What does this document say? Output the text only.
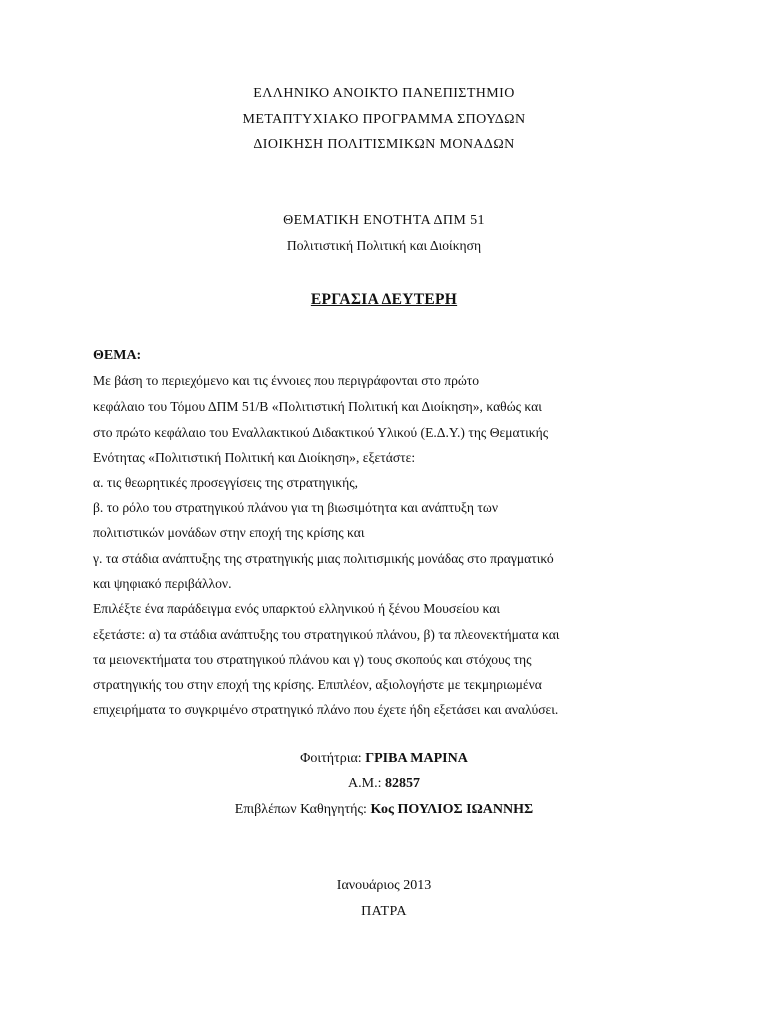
ΕΛΛΗΝΙΚΟ ΑΝΟΙΚΤΟ ΠΑΝΕΠΙΣΤΗΜΙΟ
ΜΕΤΑΠΤΥΧΙΑΚΟ ΠΡΟΓΡΑΜΜΑ ΣΠΟΥΔΩΝ
ΔΙΟΙΚΗΣΗ ΠΟΛΙΤΙΣΜΙΚΩΝ ΜΟΝΑΔΩΝ
ΘΕΜΑΤΙΚΗ ΕΝΟΤΗΤΑ ΔΠΜ 51
Πολιτιστική Πολιτική και Διοίκηση
ΕΡΓΑΣΙΑ ΔΕΥΤΕΡΗ
ΘΕΜΑ:
Με βάση το περιεχόμενο και τις έννοιες που περιγράφονται στο πρώτο
κεφάλαιο του Τόμου ΔΠΜ 51/Β «Πολιτιστική Πολιτική και Διοίκηση», καθώς και
στο πρώτο κεφάλαιο του Εναλλακτικού Διδακτικού Υλικού (Ε.Δ.Υ.) της Θεματικής
Ενότητας «Πολιτιστική Πολιτική και Διοίκηση», εξετάστε:
α. τις θεωρητικές προσεγγίσεις της στρατηγικής,
β. το ρόλο του στρατηγικού πλάνου για τη βιωσιμότητα και ανάπτυξη των
πολιτιστικών μονάδων στην εποχή της κρίσης και
γ. τα στάδια ανάπτυξης της στρατηγικής μιας πολιτισμικής μονάδας στο πραγματικό
και ψηφιακό περιβάλλον.
Επιλέξτε ένα παράδειγμα ενός υπαρκτού ελληνικού ή ξένου Μουσείου και
εξετάστε: α) τα στάδια ανάπτυξης του στρατηγικού πλάνου, β) τα πλεονεκτήματα και
τα μειονεκτήματα του στρατηγικού πλάνου και γ) τους σκοπούς και στόχους της
στρατηγικής του στην εποχή της κρίσης. Επιπλέον, αξιολογήστε με τεκμηριωμένα
επιχειρήματα το συγκριμένο στρατηγικό πλάνο που έχετε ήδη εξετάσει και αναλύσει.
Φοιτήτρια: ΓΡΙΒΑ ΜΑΡΙΝΑ
Α.Μ.: 82857
Επιβλέπων Καθηγητής: Κος ΠΟΥΛΙΟΣ ΙΩΑΝΝΗΣ
Ιανουάριος 2013
ΠΑΤΡΑ
